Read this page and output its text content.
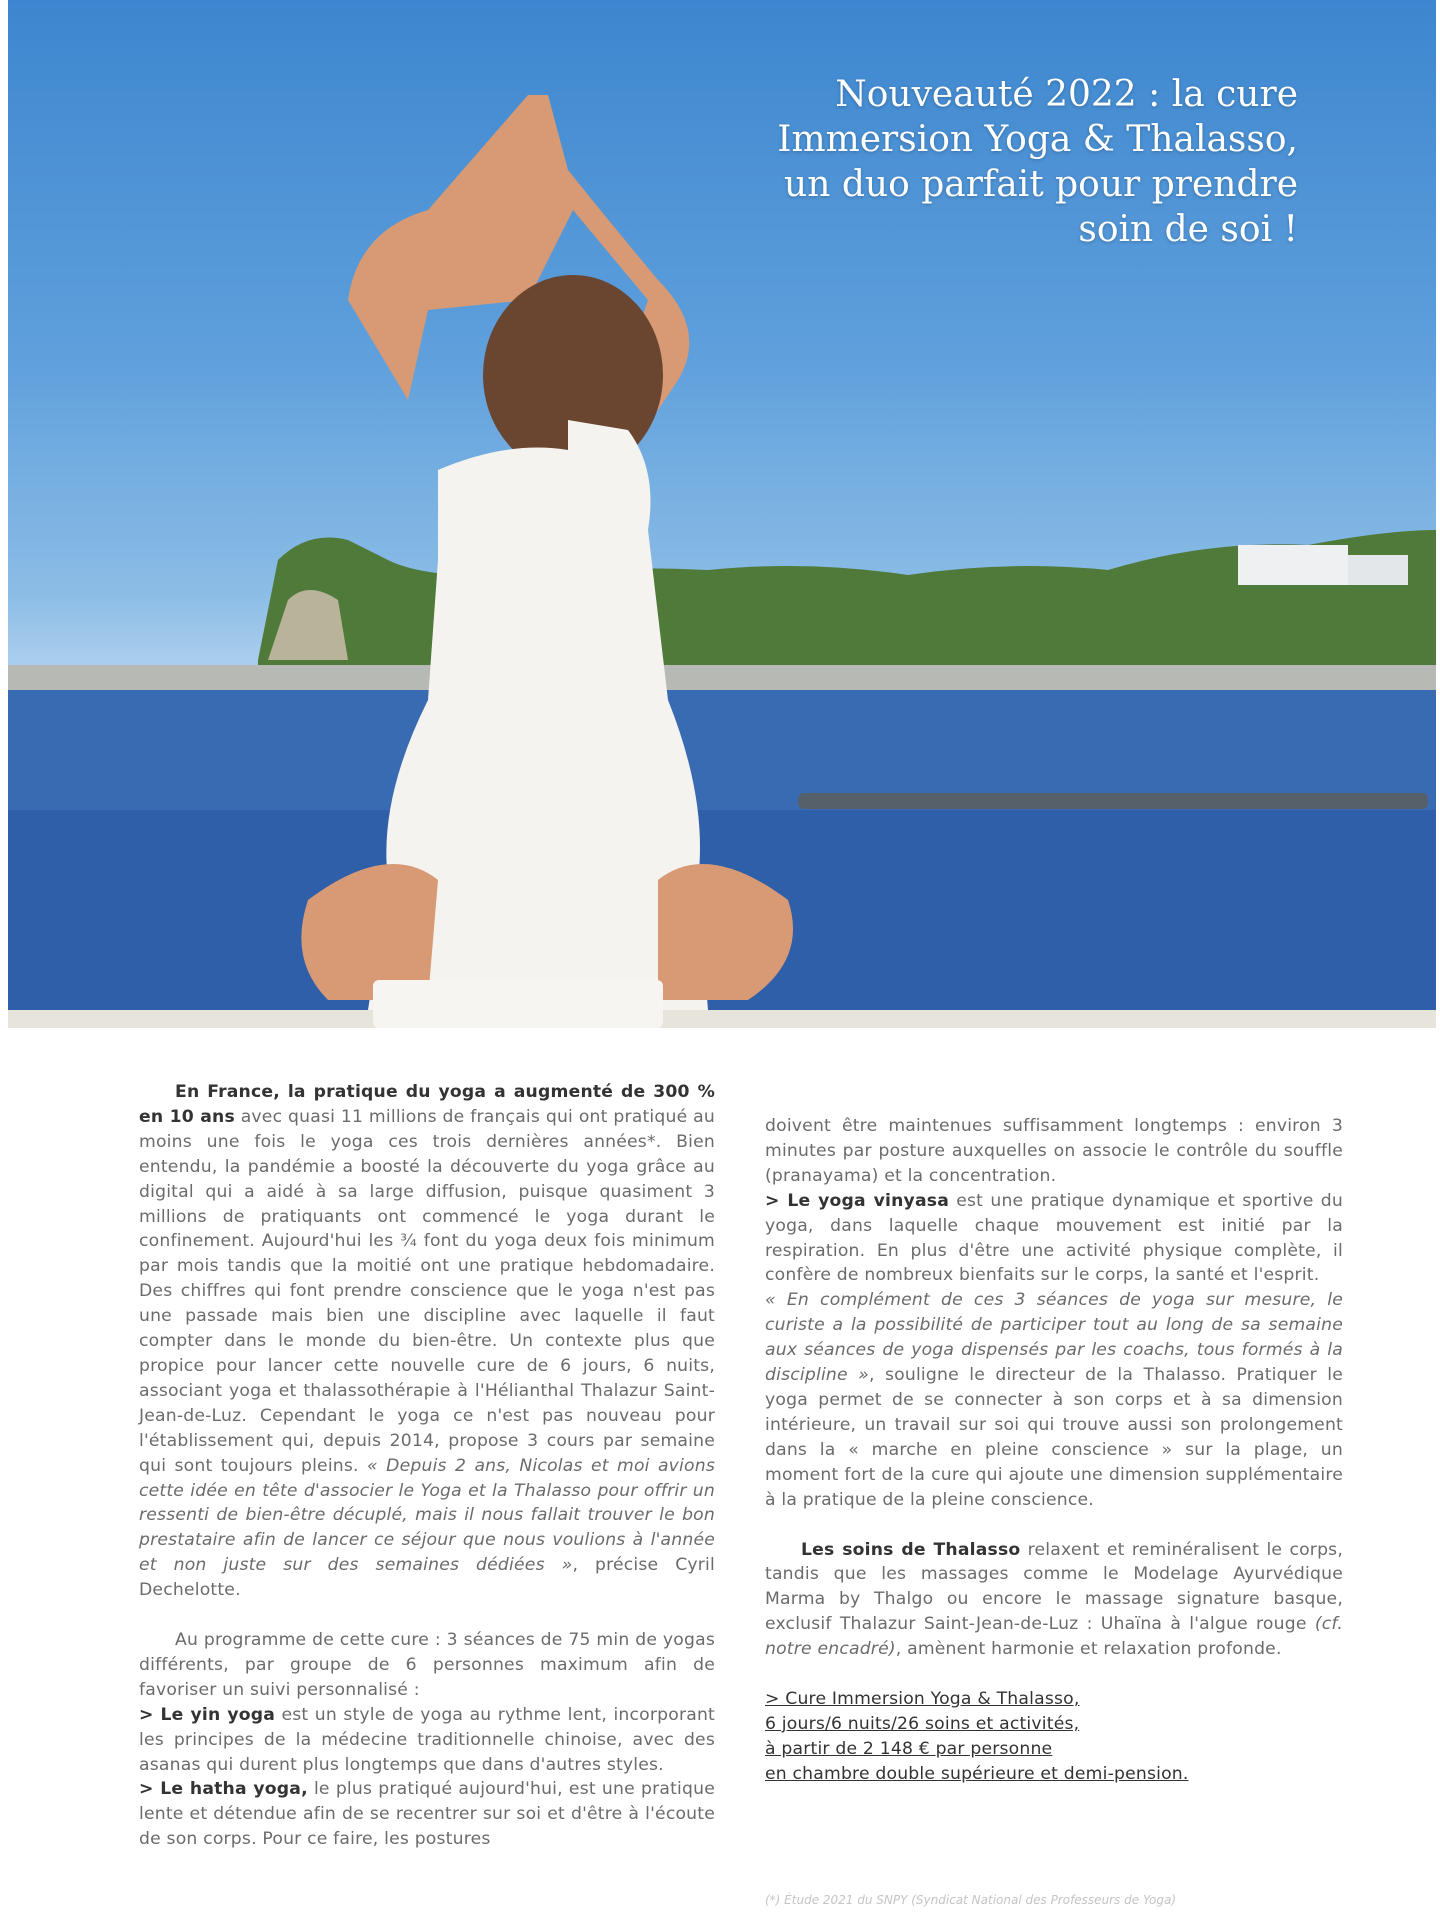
Nouveauté 2022 : la cure
Immersion Yoga & Thalasso,
un duo parfait pour prendre
soin de soi !

En France, la pratique du yoga a augmenté de 300 % en 10 ans avec quasi 11 millions de français qui ont pratiqué au moins une fois le yoga ces trois dernières années*. Bien entendu, la pandémie a boosté la découverte du yoga grâce au digital qui a aidé à sa large diffusion, puisque quasiment 3 millions de pratiquants ont commencé le yoga durant le confinement. Aujourd'hui les ¾ font du yoga deux fois minimum par mois tandis que la moitié ont une pratique hebdomadaire. Des chiffres qui font prendre conscience que le yoga n'est pas une passade mais bien une discipline avec laquelle il faut compter dans le monde du bien-être. Un contexte plus que propice pour lancer cette nouvelle cure de 6 jours, 6 nuits, associant yoga et thalassothérapie à l'Hélianthal Thalazur Saint-Jean-de-Luz. Cependant le yoga ce n'est pas nouveau pour l'établissement qui, depuis 2014, propose 3 cours par semaine qui sont toujours pleins. « Depuis 2 ans, Nicolas et moi avions cette idée en tête d'associer le Yoga et la Thalasso pour offrir un ressenti de bien-être décuplé, mais il nous fallait trouver le bon prestataire afin de lancer ce séjour que nous voulions à l'année et non juste sur des semaines dédiées », précise Cyril Dechelotte.

Au programme de cette cure : 3 séances de 75 min de yogas différents, par groupe de 6 personnes maximum afin de favoriser un suivi personnalisé :

> Le yin yoga est un style de yoga au rythme lent, incorporant les principes de la médecine traditionnelle chinoise, avec des asanas qui durent plus longtemps que dans d'autres styles.

> Le hatha yoga, le plus pratiqué aujourd'hui, est une pratique lente et détendue afin de se recentrer sur soi et d'être à l'écoute de son corps. Pour ce faire, les postures

doivent être maintenues suffisamment longtemps : environ 3 minutes par posture auxquelles on associe le contrôle du souffle (pranayama) et la concentration.

> Le yoga vinyasa est une pratique dynamique et sportive du yoga, dans laquelle chaque mouvement est initié par la respiration. En plus d'être une activité physique complète, il confère de nombreux bienfaits sur le corps, la santé et l'esprit.

« En complément de ces 3 séances de yoga sur mesure, le curiste a la possibilité de participer tout au long de sa semaine aux séances de yoga dispensés par les coachs, tous formés à la discipline », souligne le directeur de la Thalasso. Pratiquer le yoga permet de se connecter à son corps et à sa dimension intérieure, un travail sur soi qui trouve aussi son prolongement dans la « marche en pleine conscience » sur la plage, un moment fort de la cure qui ajoute une dimension supplémentaire à la pratique de la pleine conscience.

Les soins de Thalasso relaxent et reminéralisent le corps, tandis que les massages comme le Modelage Ayurvédique Marma by Thalgo ou encore le massage signature basque, exclusif Thalazur Saint-Jean-de-Luz : Uhaïna à l'algue rouge (cf. notre encadré), amènent harmonie et relaxation profonde.

> Cure Immersion Yoga & Thalasso,
6 jours/6 nuits/26 soins et activités,
à partir de 2 148 € par personne
en chambre double supérieure et demi-pension.
(*) Étude 2021 du SNPY (Syndicat National des Professeurs de Yoga)
